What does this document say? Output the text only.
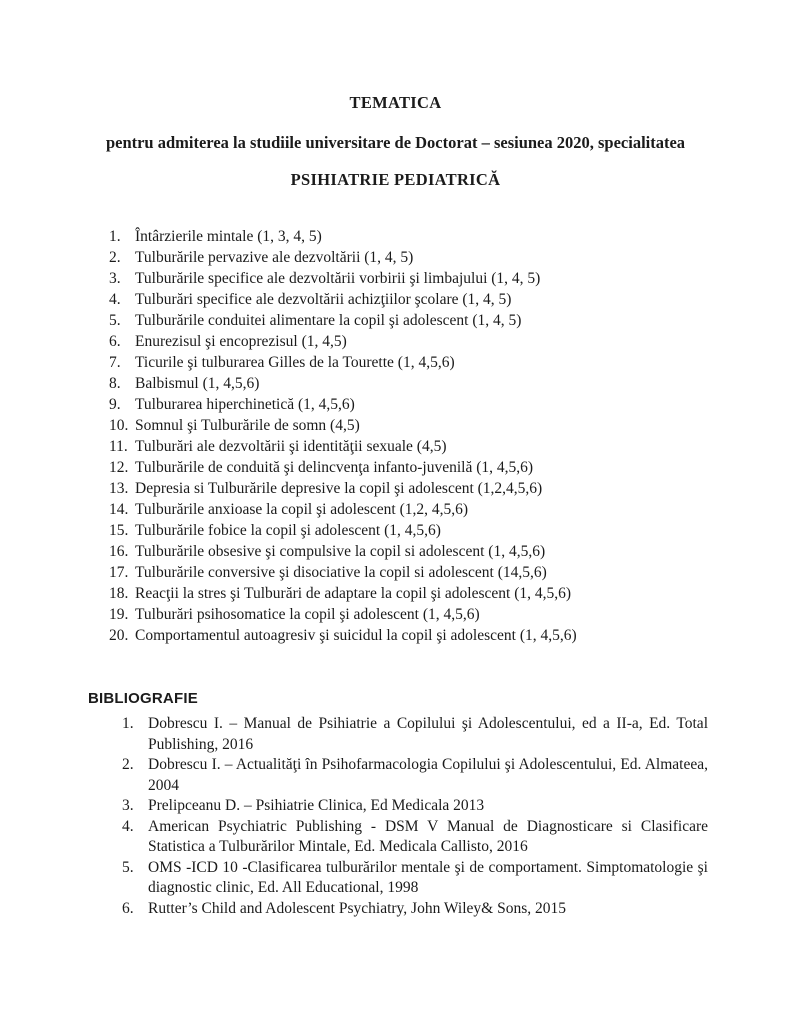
TEMATICA
pentru admiterea la studiile universitare de Doctorat – sesiunea 2020, specialitatea
PSIHIATRIE PEDIATRICĂ
1. Întârzierile mintale (1, 3, 4, 5)
2. Tulburările pervazive ale dezvoltării (1, 4, 5)
3. Tulburările specifice ale dezvoltării vorbirii şi limbajului (1, 4, 5)
4. Tulburări specifice ale dezvoltării achizţiilor şcolare (1, 4, 5)
5. Tulburările conduitei alimentare la copil şi adolescent (1, 4, 5)
6. Enurezisul şi encoprezisul (1, 4,5)
7. Ticurile şi tulburarea Gilles de la Tourette (1, 4,5,6)
8. Balbismul (1, 4,5,6)
9. Tulburarea hiperchinetică (1, 4,5,6)
10. Somnul şi Tulburările de somn (4,5)
11. Tulburări ale dezvoltării şi identităţii sexuale (4,5)
12. Tulburările de conduită şi delincvenţa infanto-juvenilă (1, 4,5,6)
13. Depresia si Tulburările depresive la copil şi adolescent (1,2,4,5,6)
14. Tulburările anxioase la copil şi adolescent (1,2, 4,5,6)
15. Tulburările fobice la copil şi adolescent (1, 4,5,6)
16. Tulburările obsesive şi compulsive la copil si adolescent (1, 4,5,6)
17. Tulburările conversive şi disociative la copil si adolescent (14,5,6)
18. Reacţii la stres şi Tulburări de adaptare la copil şi adolescent (1, 4,5,6)
19. Tulburări psihosomatice la copil şi adolescent (1, 4,5,6)
20. Comportamentul autoagresiv şi suicidul la copil şi adolescent (1, 4,5,6)
BIBLIOGRAFIE
1. Dobrescu I. – Manual de Psihiatrie a Copilului şi Adolescentului, ed a II-a, Ed. Total Publishing, 2016
2. Dobrescu I. – Actualităţi în Psihofarmacologia Copilului şi Adolescentului, Ed. Almateea, 2004
3. Prelipceanu D. – Psihiatrie Clinica, Ed Medicala 2013
4. American Psychiatric Publishing - DSM V Manual de Diagnosticare si Clasificare Statistica a Tulburărilor Mintale, Ed. Medicala Callisto, 2016
5. OMS -ICD 10 -Clasificarea tulburărilor mentale şi de comportament. Simptomatologie şi diagnostic clinic, Ed. All Educational, 1998
6. Rutter’s Child and Adolescent Psychiatry, John Wiley& Sons, 2015
